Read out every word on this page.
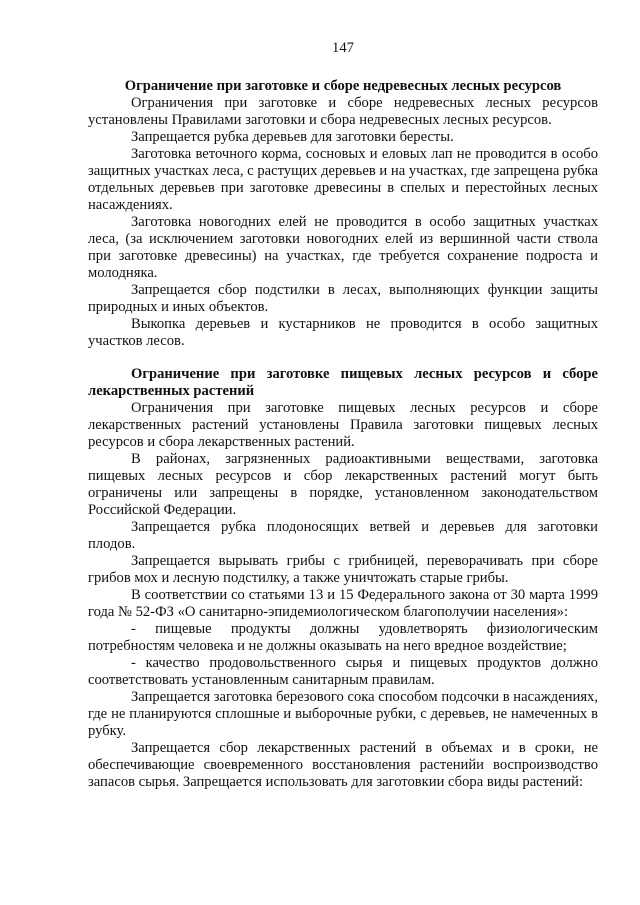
147
Ограничение при заготовке и сборе недревесных лесных ресурсов

Ограничения при заготовке и сборе недревесных лесных ресурсов установлены Правилами заготовки и сбора недревесных лесных ресурсов.

Запрещается рубка деревьев для заготовки бересты.

Заготовка веточного корма, сосновых и еловых лап не проводится в особо защитных участках леса, с растущих деревьев и на участках, где запрещена рубка отдельных деревьев при заготовке древесины в спелых и перестойных лесных насаждениях.

Заготовка новогодних елей не проводится в особо защитных участках леса, (за исключением заготовки новогодних елей из вершинной части ствола при заготовке древесины) на участках, где требуется сохранение подроста и молодняка.

Запрещается сбор подстилки в лесах, выполняющих функции защиты природных и иных объектов.

Выкопка деревьев и кустарников не проводится в особо защитных участков лесов.

Ограничение при заготовке пищевых лесных ресурсов и сборе лекарственных растений

Ограничения при заготовке пищевых лесных ресурсов и сборе лекарственных растений установлены Правила заготовки пищевых лесных ресурсов и сбора лекарственных растений.

В районах, загрязненных радиоактивными веществами, заготовка пищевых лесных ресурсов и сбор лекарственных растений могут быть ограничены или запрещены в порядке, установленном законодательством Российской Федерации.

Запрещается рубка плодоносящих ветвей и деревьев для заготовки плодов.

Запрещается вырывать грибы с грибницей, переворачивать при сборе грибов мох и лесную подстилку, а также уничтожать старые грибы.

В соответствии со статьями 13 и 15 Федерального закона от 30 марта 1999 года № 52-ФЗ «О санитарно-эпидемиологическом благополучии населения»:

- пищевые продукты должны удовлетворять физиологическим потребностям человека и не должны оказывать на него вредное воздействие;

- качество продовольственного сырья и пищевых продуктов должно соответствовать установленным санитарным правилам.

Запрещается заготовка березового сока способом подсочки в насаждениях, где не планируются сплошные и выборочные рубки, с деревьев, не намеченных в рубку.

Запрещается сбор лекарственных растений в объемах и в сроки, не обеспечивающие своевременного восстановления растенийи воспроизводство запасов сырья. Запрещается использовать для заготовкии сбора виды растений:
